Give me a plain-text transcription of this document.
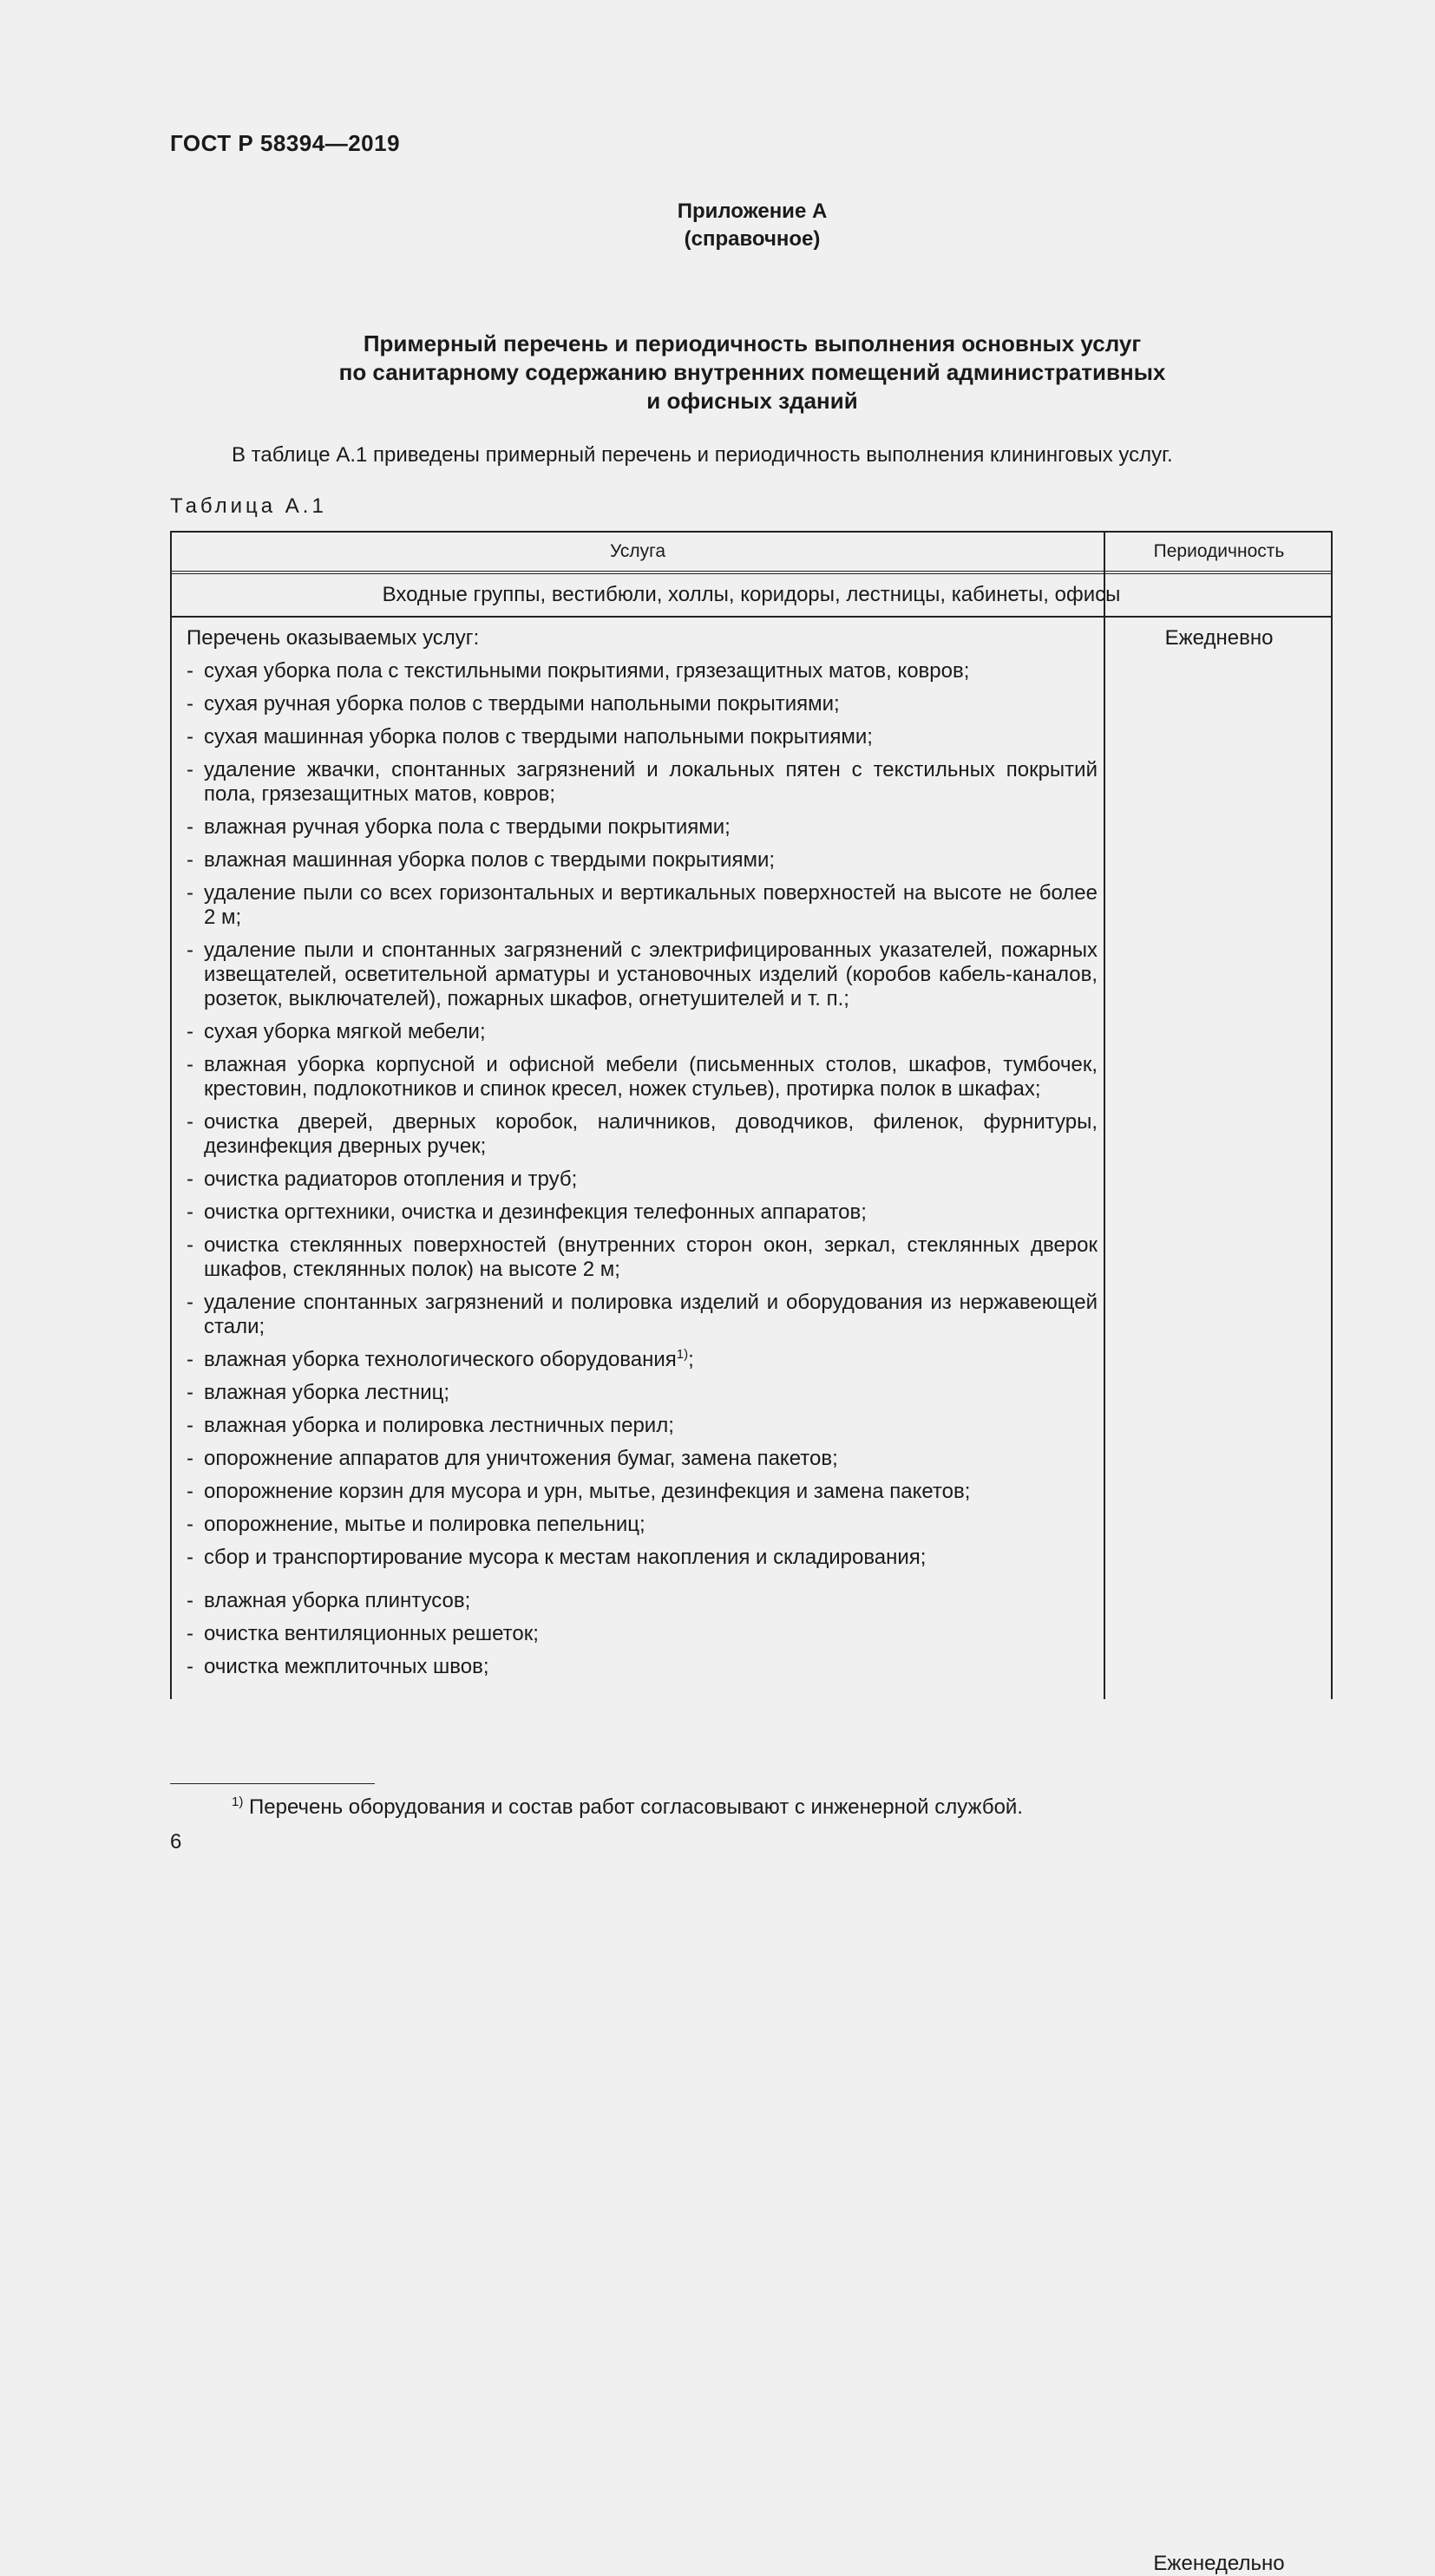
ГОСТ Р 58394—2019
Приложение А
(справочное)
Примерный перечень и периодичность выполнения основных услуг
по санитарному содержанию внутренних помещений административных
и офисных зданий
В таблице А.1 приведены примерный перечень и периодичность выполнения клининговых услуг.
Таблица А.1
Услуга	Периодичность
Входные группы, вестибюли, холлы, коридоры, лестницы, кабинеты, офисы
Перечень оказываемых услуг:
- сухая уборка пола с текстильными покрытиями, грязезащитных матов, ковров;
- сухая ручная уборка полов с твердыми напольными покрытиями;
- сухая машинная уборка полов с твердыми напольными покрытиями;
- удаление жвачки, спонтанных загрязнений и локальных пятен с текстильных покрытий пола, грязезащитных матов, ковров;
- влажная ручная уборка пола с твердыми покрытиями;
- влажная машинная уборка полов с твердыми покрытиями;
- удаление пыли со всех горизонтальных и вертикальных поверхностей на высоте не более 2 м;
- удаление пыли и спонтанных загрязнений с электрифицированных указателей, пожарных извещателей, осветительной арматуры и установочных изделий (коробов кабель-каналов, розеток, выключателей), пожарных шкафов, огнетушителей и т. п.;
- сухая уборка мягкой мебели;
- влажная уборка корпусной и офисной мебели (письменных столов, шкафов, тумбочек, крестовин, подлокотников и спинок кресел, ножек стульев), протирка полок в шкафах;
- очистка дверей, дверных коробок, наличников, доводчиков, филенок, фурнитуры, дезинфекция дверных ручек;
- очистка радиаторов отопления и труб;
- очистка оргтехники, очистка и дезинфекция телефонных аппаратов;
- очистка стеклянных поверхностей (внутренних сторон окон, зеркал, стеклянных дверок шкафов, стеклянных полок) на высоте 2 м;
- удаление спонтанных загрязнений и полировка изделий и оборудования из нержавеющей стали;
- влажная уборка технологического оборудования$^{1)}$;
- влажная уборка лестниц;
- влажная уборка и полировка лестничных перил;
- опорожнение аппаратов для уничтожения бумаг, замена пакетов;
- опорожнение корзин для мусора и урн, мытье, дезинфекция и замена пакетов;
- опорожнение, мытье и полировка пепельниц;
- сбор и транспортирование мусора к местам накопления и складирования;
- влажная уборка плинтусов;
- очистка вентиляционных решеток;
- очистка межплиточных швов;
Ежедневно
Еженедельно
$^{1)}$ Перечень оборудования и состав работ согласовывают с инженерной службой.
6
